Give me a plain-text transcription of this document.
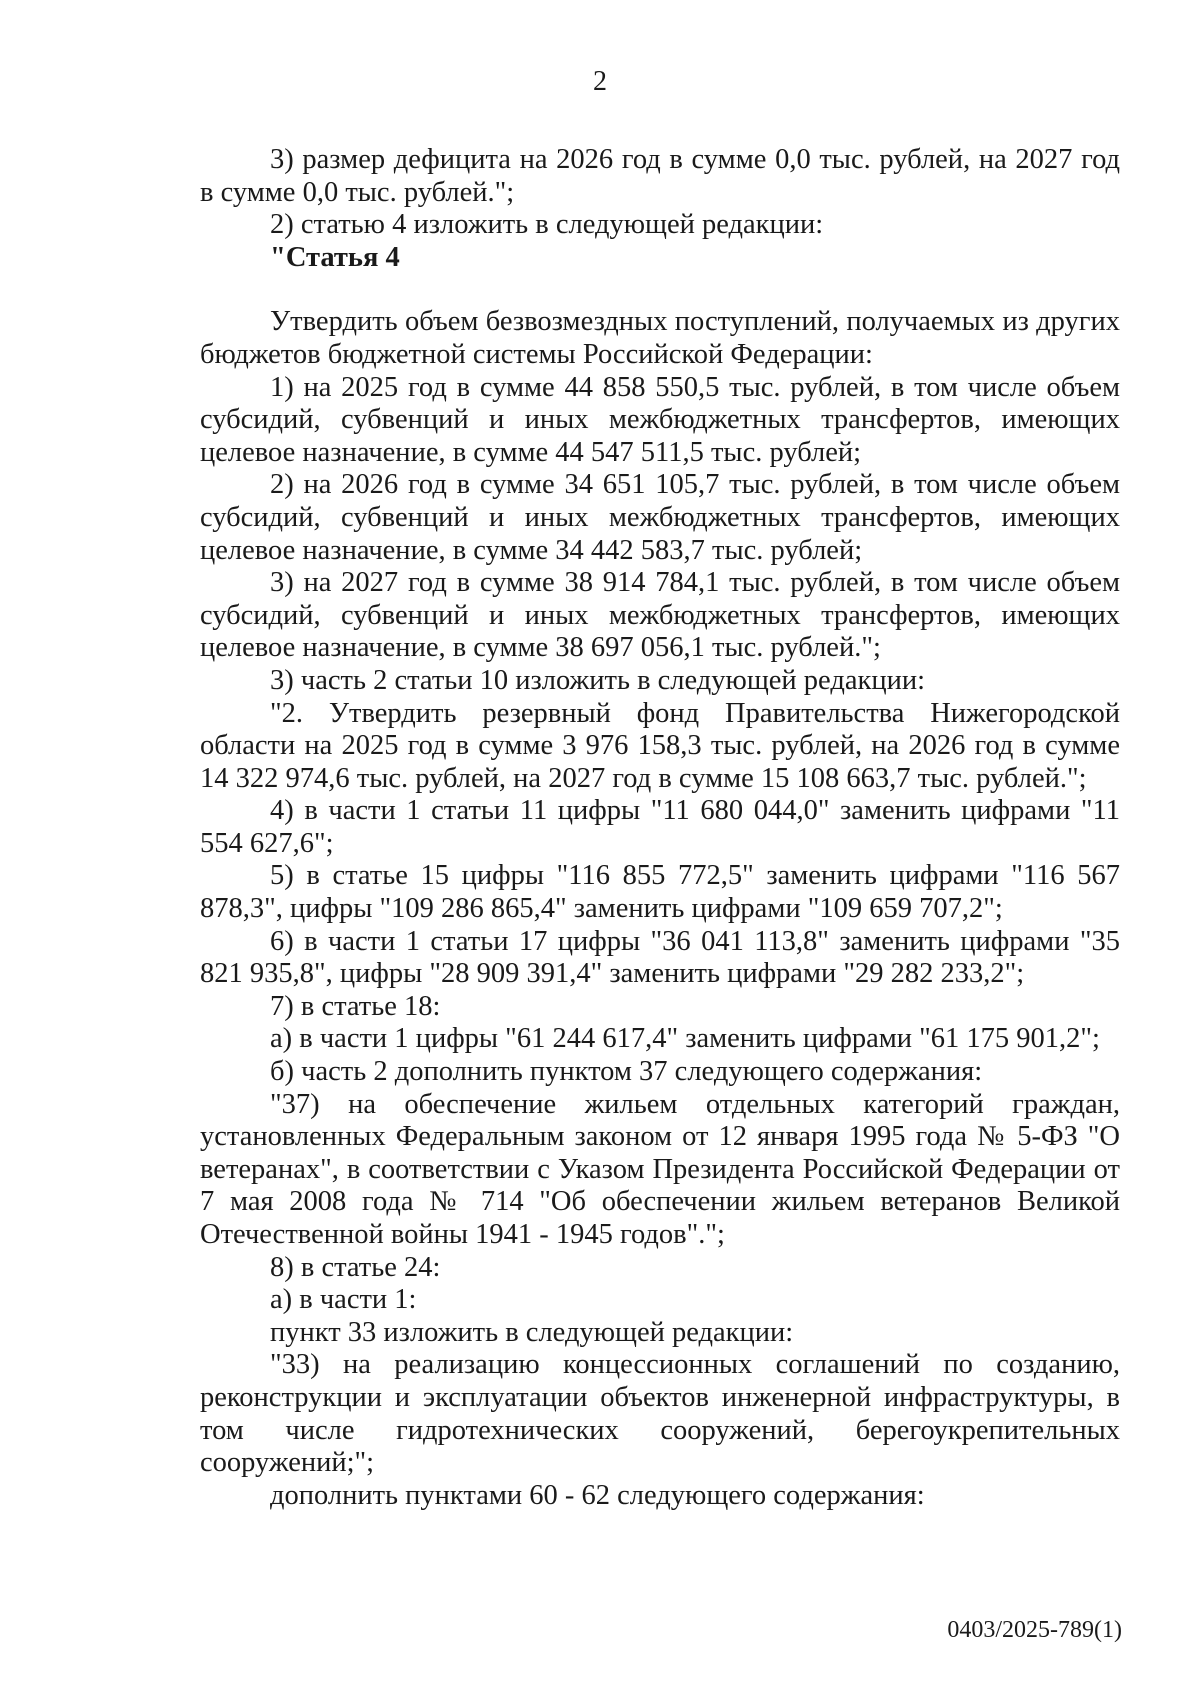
2

3) размер дефицита на 2026 год в сумме 0,0 тыс. рублей, на 2027 год в сумме 0,0 тыс. рублей.";

2) статью 4 изложить в следующей редакции:

"Статья 4

Утвердить объем безвозмездных поступлений, получаемых из других бюджетов бюджетной системы Российской Федерации:

1) на 2025 год в сумме 44 858 550,5 тыс. рублей, в том числе объем субсидий, субвенций и иных межбюджетных трансфертов, имеющих целевое назначение, в сумме 44 547 511,5 тыс. рублей;

2) на 2026 год в сумме 34 651 105,7 тыс. рублей, в том числе объем субсидий, субвенций и иных межбюджетных трансфертов, имеющих целевое назначение, в сумме 34 442 583,7 тыс. рублей;

3) на 2027 год в сумме 38 914 784,1 тыс. рублей, в том числе объем субсидий, субвенций и иных межбюджетных трансфертов, имеющих целевое назначение, в сумме 38 697 056,1 тыс. рублей.";

3) часть 2 статьи 10 изложить в следующей редакции:

"2. Утвердить резервный фонд Правительства Нижегородской области на 2025 год в сумме 3 976 158,3 тыс. рублей, на 2026 год в сумме 14 322 974,6 тыс. рублей, на 2027 год в сумме 15 108 663,7 тыс. рублей.";

4) в части 1 статьи 11 цифры "11 680 044,0" заменить цифрами "11 554 627,6";

5) в статье 15 цифры "116 855 772,5" заменить цифрами "116 567 878,3", цифры "109 286 865,4" заменить цифрами "109 659 707,2";

6) в части 1 статьи 17 цифры "36 041 113,8" заменить цифрами "35 821 935,8", цифры "28 909 391,4" заменить цифрами "29 282 233,2";

7) в статье 18:

а) в части 1 цифры "61 244 617,4" заменить цифрами "61 175 901,2";

б) часть 2 дополнить пунктом 37 следующего содержания:

"37) на обеспечение жильем отдельных категорий граждан, установленных Федеральным законом от 12 января 1995 года № 5-ФЗ "О ветеранах", в соответствии с Указом Президента Российской Федерации от 7 мая 2008 года № 714 "Об обеспечении жильем ветеранов Великой Отечественной войны 1941 - 1945 годов".";

8) в статье 24:

а) в части 1:

пункт 33 изложить в следующей редакции:

"33) на реализацию концессионных соглашений по созданию, реконструкции и эксплуатации объектов инженерной инфраструктуры, в том числе гидротехнических сооружений, берегоукрепительных сооружений;";

дополнить пунктами 60 - 62 следующего содержания:

0403/2025-789(1)
